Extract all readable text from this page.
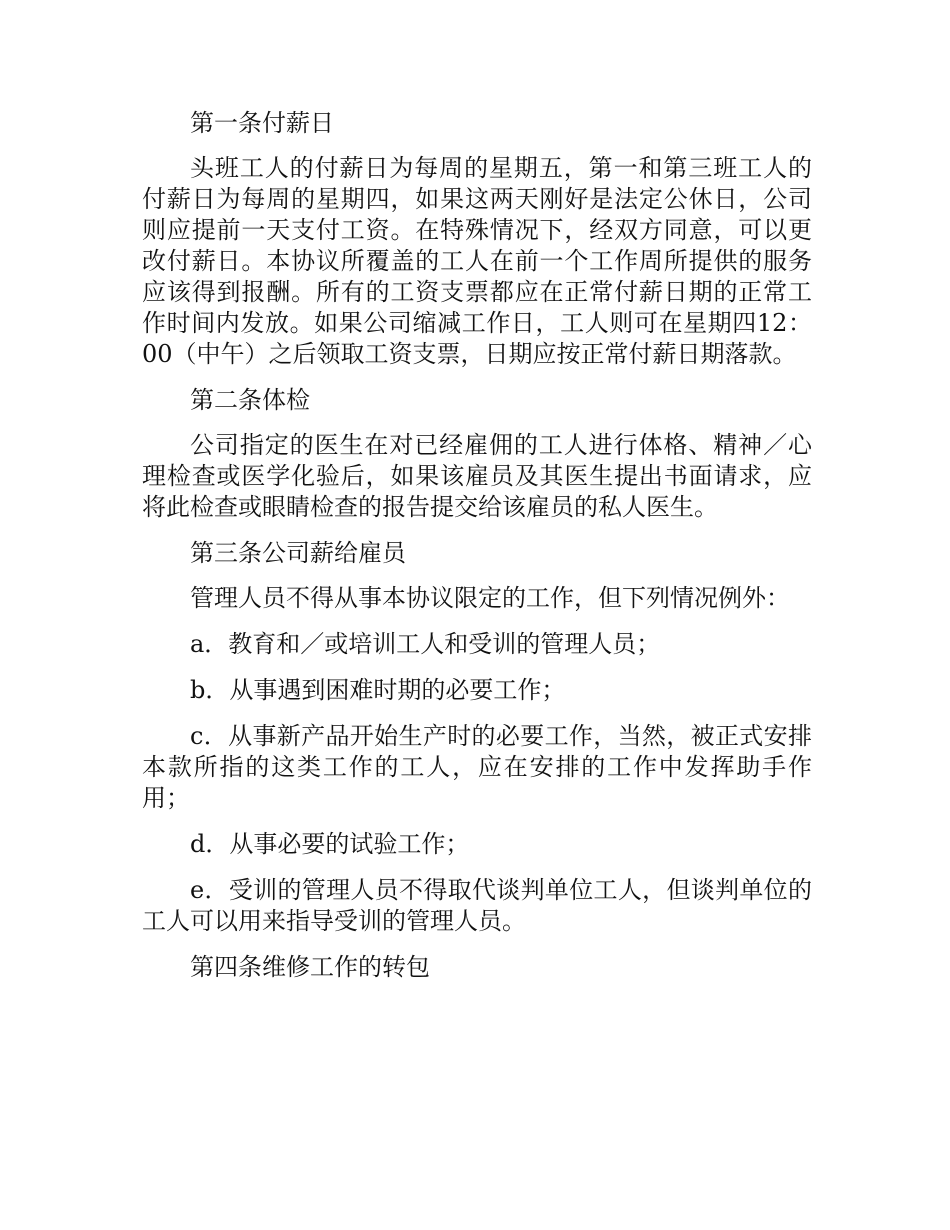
第一条付薪日

头班工人的付薪日为每周的星期五，第一和第三班工人的付薪日为每周的星期四，如果这两天刚好是法定公休日，公司则应提前一天支付工资。在特殊情况下，经双方同意，可以更改付薪日。本协议所覆盖的工人在前一个工作周所提供的服务应该得到报酬。所有的工资支票都应在正常付薪日期的正常工作时间内发放。如果公司缩减工作日，工人则可在星期四12：00（中午）之后领取工资支票，日期应按正常付薪日期落款。

第二条体检

公司指定的医生在对已经雇佣的工人进行体格、精神／心理检查或医学化验后，如果该雇员及其医生提出书面请求，应将此检查或眼睛检查的报告提交给该雇员的私人医生。

第三条公司薪给雇员

管理人员不得从事本协议限定的工作，但下列情况例外：

a．教育和／或培训工人和受训的管理人员；

b．从事遇到困难时期的必要工作；

c．从事新产品开始生产时的必要工作，当然，被正式安排本款所指的这类工作的工人，应在安排的工作中发挥助手作用；

d．从事必要的试验工作；

e．受训的管理人员不得取代谈判单位工人，但谈判单位的工人可以用来指导受训的管理人员。

第四条维修工作的转包
